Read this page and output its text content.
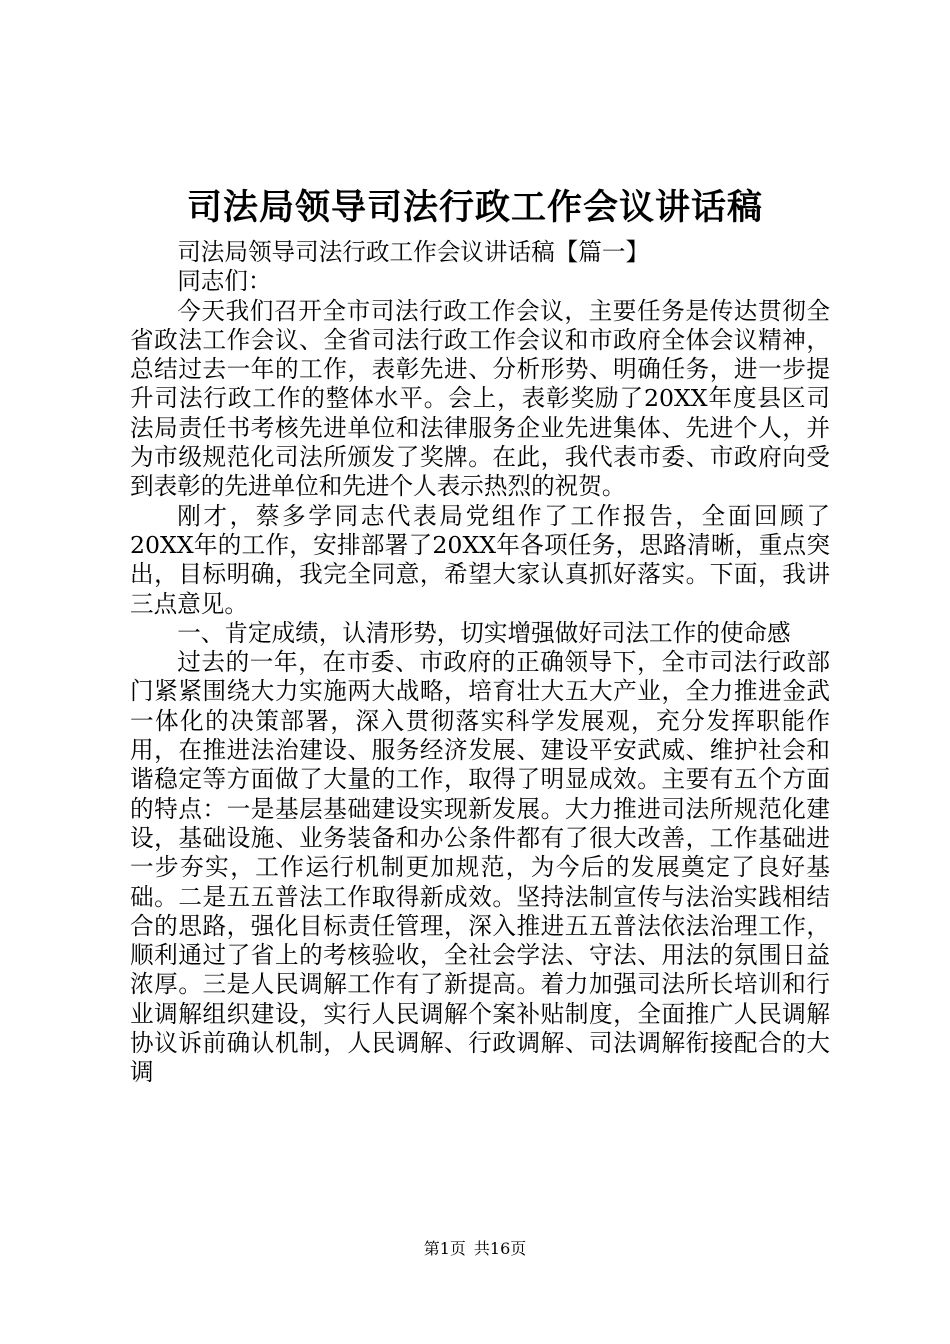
司法局领导司法行政工作会议讲话稿

司法局领导司法行政工作会议讲话稿【篇一】

同志们：

今天我们召开全市司法行政工作会议，主要任务是传达贯彻全省政法工作会议、全省司法行政工作会议和市政府全体会议精神，总结过去一年的工作，表彰先进、分析形势、明确任务，进一步提升司法行政工作的整体水平。会上，表彰奖励了20XX年度县区司法局责任书考核先进单位和法律服务企业先进集体、先进个人，并为市级规范化司法所颁发了奖牌。在此，我代表市委、市政府向受到表彰的先进单位和先进个人表示热烈的祝贺。

刚才，蔡多学同志代表局党组作了工作报告，全面回顾了20XX年的工作，安排部署了20XX年各项任务，思路清晰，重点突出，目标明确，我完全同意，希望大家认真抓好落实。下面，我讲三点意见。

一、肯定成绩，认清形势，切实增强做好司法工作的使命感

过去的一年，在市委、市政府的正确领导下，全市司法行政部门紧紧围绕大力实施两大战略，培育壮大五大产业，全力推进金武一体化的决策部署，深入贯彻落实科学发展观，充分发挥职能作用，在推进法治建设、服务经济发展、建设平安武威、维护社会和谐稳定等方面做了大量的工作，取得了明显成效。主要有五个方面的特点：一是基层基础建设实现新发展。大力推进司法所规范化建设，基础设施、业务装备和办公条件都有了很大改善，工作基础进一步夯实，工作运行机制更加规范，为今后的发展奠定了良好基础。二是五五普法工作取得新成效。坚持法制宣传与法治实践相结合的思路，强化目标责任管理，深入推进五五普法依法治理工作，顺利通过了省上的考核验收，全社会学法、守法、用法的氛围日益浓厚。三是人民调解工作有了新提高。着力加强司法所长培训和行业调解组织建设，实行人民调解个案补贴制度，全面推广人民调解协议诉前确认机制，人民调解、行政调解、司法调解衔接配合的大调

第1页 共16页
